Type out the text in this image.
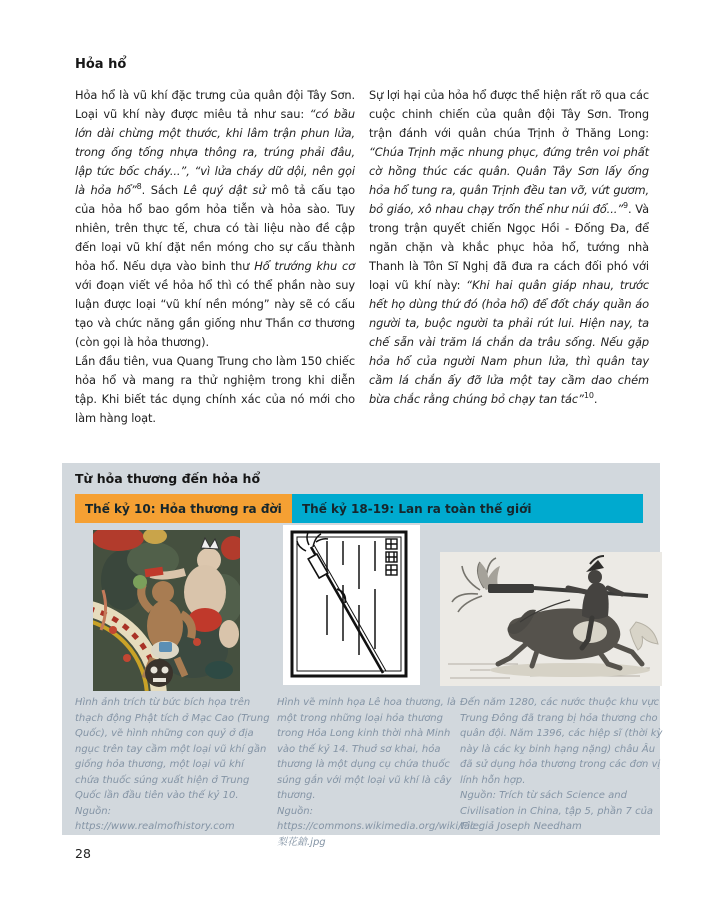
Hỏa hổ

Hỏa hổ là vũ khí đặc trưng của quân đội Tây Sơn. Loại vũ khí này được miêu tả như sau: “có bầu lớn dài chừng một thước, khi lâm trận phun lửa, trong ống tống nhựa thông ra, trúng phải đâu, lập tức bốc cháy...”, “vì lửa cháy dữ dội, nên gọi là hỏa hổ”$^8$. Sách Lê quý dật sử mô tả cấu tạo của hỏa hổ bao gồm hỏa tiễn và hỏa sào. Tuy nhiên, trên thực tế, chưa có tài liệu nào đề cập đến loại vũ khí đặt nền móng cho sự cấu thành hỏa hổ. Nếu dựa vào binh thư Hổ trướng khu cơ với đoạn viết về hỏa hổ thì có thể phần nào suy luận được loại “vũ khí nền móng” này sẽ có cấu tạo và chức năng gần giống như Thần cơ thương (còn gọi là hỏa thương).

Lần đầu tiên, vua Quang Trung cho làm 150 chiếc hỏa hổ và mang ra thử nghiệm trong khi diễn tập. Khi biết tác dụng chính xác của nó mới cho làm hàng loạt.

Sự lợi hại của hỏa hổ được thể hiện rất rõ qua các cuộc chinh chiến của quân đội Tây Sơn. Trong trận đánh với quân chúa Trịnh ở Thăng Long: “Chúa Trịnh mặc nhung phục, đứng trên voi phất cờ hồng thúc các quân. Quân Tây Sơn lấy ống hỏa hổ tung ra, quân Trịnh đều tan vỡ, vứt gươm, bỏ giáo, xô nhau chạy trốn thể như núi đổ...”$^9$. Và trong trận quyết chiến Ngọc Hồi - Đống Đa, để ngăn chặn và khắc phục hỏa hổ, tướng nhà Thanh là Tôn Sĩ Nghị đã đưa ra cách đối phó với loại vũ khí này: “Khi hai quân giáp nhau, trước hết họ dùng thứ đó (hỏa hổ) để đốt cháy quần áo người ta, buộc người ta phải rút lui. Hiện nay, ta chế sẵn vài trăm lá chắn da trâu sống. Nếu gặp hỏa hổ của người Nam phun lửa, thì quân tay cầm lá chắn ấy đỡ lửa một tay cầm dao chém bừa chắc rằng chúng bỏ chạy tan tác”$^{10}$.

Từ hỏa thương đến hỏa hổ
Thế kỷ 10: Hỏa thương ra đời	Thế kỷ 18-19: Lan ra toàn thế giới
Hình ảnh trích từ bức bích họa trên thạch động Phật tích ở Mạc Cao (Trung Quốc), vẽ hình những con quỷ ở địa ngục trên tay cầm một loại vũ khí gần giống hỏa thương, một loại vũ khí chứa thuốc súng xuất hiện ở Trung Quốc lần đầu tiên vào thế kỷ 10.
Nguồn: https://www.realmofhistory.com
Hình vẽ minh họa Lê hoa thương, là một trong những loại hỏa thương trong Hỏa Long kinh thời nhà Minh vào thế kỷ 14. Thuở sơ khai, hỏa thương là một dụng cụ chứa thuốc súng gắn với một loại vũ khí là cây thương.
Nguồn: https://commons.wikimedia.org/wiki/File:梨花鎗.jpg
Đến năm 1280, các nước thuộc khu vực Trung Đông đã trang bị hỏa thương cho quân đội. Năm 1396, các hiệp sĩ (thời kỳ này là các kỵ binh hạng nặng) châu Âu đã sử dụng hỏa thương trong các đơn vị lính hỗn hợp.
Nguồn: Trích từ sách Science and Civilisation in China, tập 5, phần 7 của tác giả Joseph Needham
28
